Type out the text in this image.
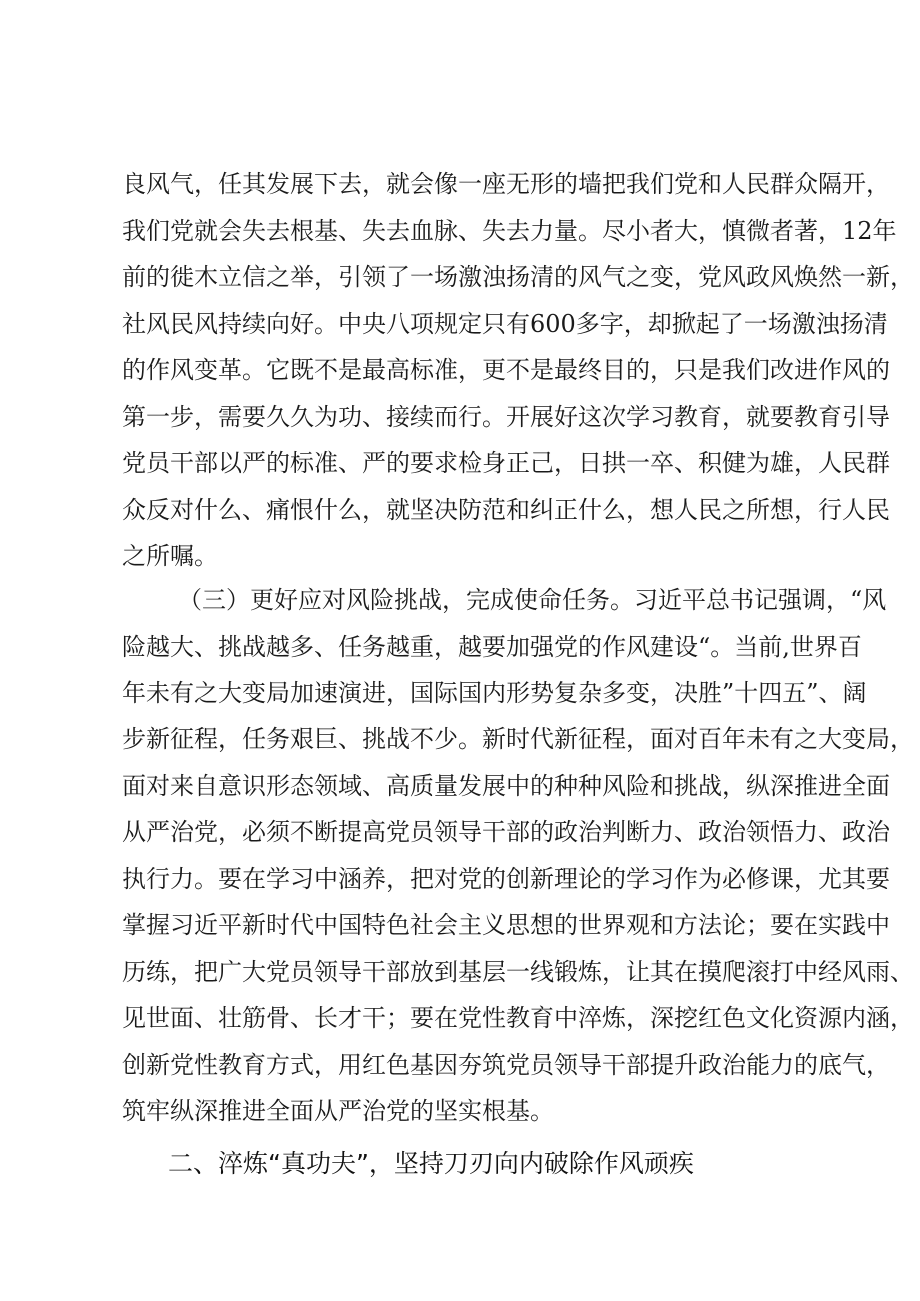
良风气，任其发展下去，就会像一座无形的墙把我们党和人民群众隔开，
我们党就会失去根基、失去血脉、失去力量。尽小者大，慎微者著，12年
前的徙木立信之举，引领了一场激浊扬清的风气之变，党风政风焕然一新，
社风民风持续向好。中央八项规定只有600多字，却掀起了一场激浊扬清
的作风变革。它既不是最高标准，更不是最终目的，只是我们改进作风的
第一步，需要久久为功、接续而行。开展好这次学习教育，就要教育引导
党员干部以严的标准、严的要求检身正己，日拱一卒、积健为雄，人民群
众反对什么、痛恨什么，就坚决防范和纠正什么，想人民之所想，行人民
之所嘱。
（三）更好应对风险挑战，完成使命任务。习近平总书记强调，“风
险越大、挑战越多、任务越重，越要加强党的作风建设“。当前,世界百
年未有之大变局加速演进，国际国内形势复杂多变，决胜”十四五”、阔
步新征程，任务艰巨、挑战不少。新时代新征程，面对百年未有之大变局，
面对来自意识形态领域、高质量发展中的种种风险和挑战，纵深推进全面
从严治党，必须不断提高党员领导干部的政治判断力、政治领悟力、政治
执行力。要在学习中涵养，把对党的创新理论的学习作为必修课，尤其要
掌握习近平新时代中国特色社会主义思想的世界观和方法论；要在实践中
历练，把广大党员领导干部放到基层一线锻炼，让其在摸爬滚打中经风雨、
见世面、壮筋骨、长才干；要在党性教育中淬炼，深挖红色文化资源内涵，
创新党性教育方式，用红色基因夯筑党员领导干部提升政治能力的底气，
筑牢纵深推进全面从严治党的坚实根基。
二、淬炼“真功夫”，坚持刀刃向内破除作风顽疾
